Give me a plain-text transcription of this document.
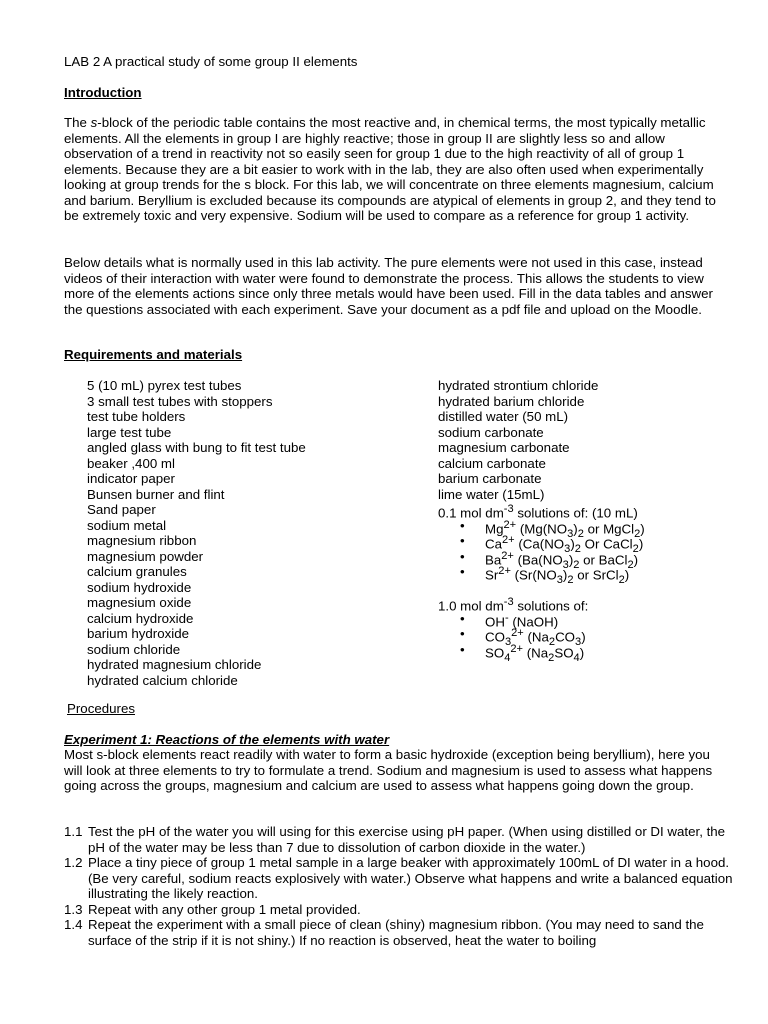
LAB 2 A practical study of some group II elements
Introduction

The s-block of the periodic table contains the most reactive and, in chemical terms, the most typically metallic elements. All the elements in group I are highly reactive; those in group II are slightly less so and allow observation of a trend in reactivity not so easily seen for group 1 due to the high reactivity of all of group 1 elements. Because they are a bit easier to work with in the lab, they are also often used when experimentally looking at group trends for the s block. For this lab, we will concentrate on three elements magnesium, calcium and barium. Beryllium is excluded because its compounds are atypical of elements in group 2, and they tend to be extremely toxic and very expensive. Sodium will be used to compare as a reference for group 1 activity.

Below details what is normally used in this lab activity. The pure elements were not used in this case, instead videos of their interaction with water were found to demonstrate the process. This allows the students to view more of the elements actions since only three metals would have been used. Fill in the data tables and answer the questions associated with each experiment. Save your document as a pdf file and upload on the Moodle.

Requirements and materials
5 (10 mL) pyrex test tubes
3 small test tubes with stoppers
test tube holders
large test tube
angled glass with bung to fit test tube
beaker ,400 ml
indicator paper
Bunsen burner and flint
Sand paper
sodium metal
magnesium ribbon
magnesium powder
calcium granules
sodium hydroxide
magnesium oxide
calcium hydroxide
barium hydroxide
sodium chloride
hydrated magnesium chloride
hydrated calcium chloride
hydrated strontium chloride
hydrated barium chloride
distilled water (50 mL)
sodium carbonate
magnesium carbonate
calcium carbonate
barium carbonate
lime water (15mL)
0.1 mol $dm^{-3}$ solutions of: (10 mL)
• $Mg^{2+}$ ($Mg(NO_3)_2$ or MgCl$_2$)
• $Ca^{2+}$ ($Ca(NO_3)_2$ Or CaCl$_2$)
• $Ba^{2+}$ ($Ba(NO_3)_2$ or BaCl$_2$)
• $Sr^{2+}$ ($Sr(NO_3)_2$ or SrCl$_2$)
1.0 mol $dm^{-3}$ solutions of:
• OH- (NaOH)
• $CO_3^{2+}$ $(Na_2CO_3)$
• $SO_4^{2+}$ $(Na_2SO_4)$
Procedures
Experiment 1: Reactions of the elements with water

Most s-block elements react readily with water to form a basic hydroxide (exception being beryllium), here you will look at three elements to try to formulate a trend. Sodium and magnesium is used to assess what happens going across the groups, magnesium and calcium are used to assess what happens going down the group.

1.1 Test the pH of the water you will using for this exercise using pH paper. (When using distilled or DI water, the pH of the water may be less than 7 due to dissolution of carbon dioxide in the water.)
1.2 Place a tiny piece of group 1 metal sample in a large beaker with approximately 100mL of DI water in a hood. (Be very careful, sodium reacts explosively with water.) Observe what happens and write a balanced equation illustrating the likely reaction.
1.3 Repeat with any other group 1 metal provided.
1.4 Repeat the experiment with a small piece of clean (shiny) magnesium ribbon. (You may need to sand the surface of the strip if it is not shiny.) If no reaction is observed, heat the water to boiling
